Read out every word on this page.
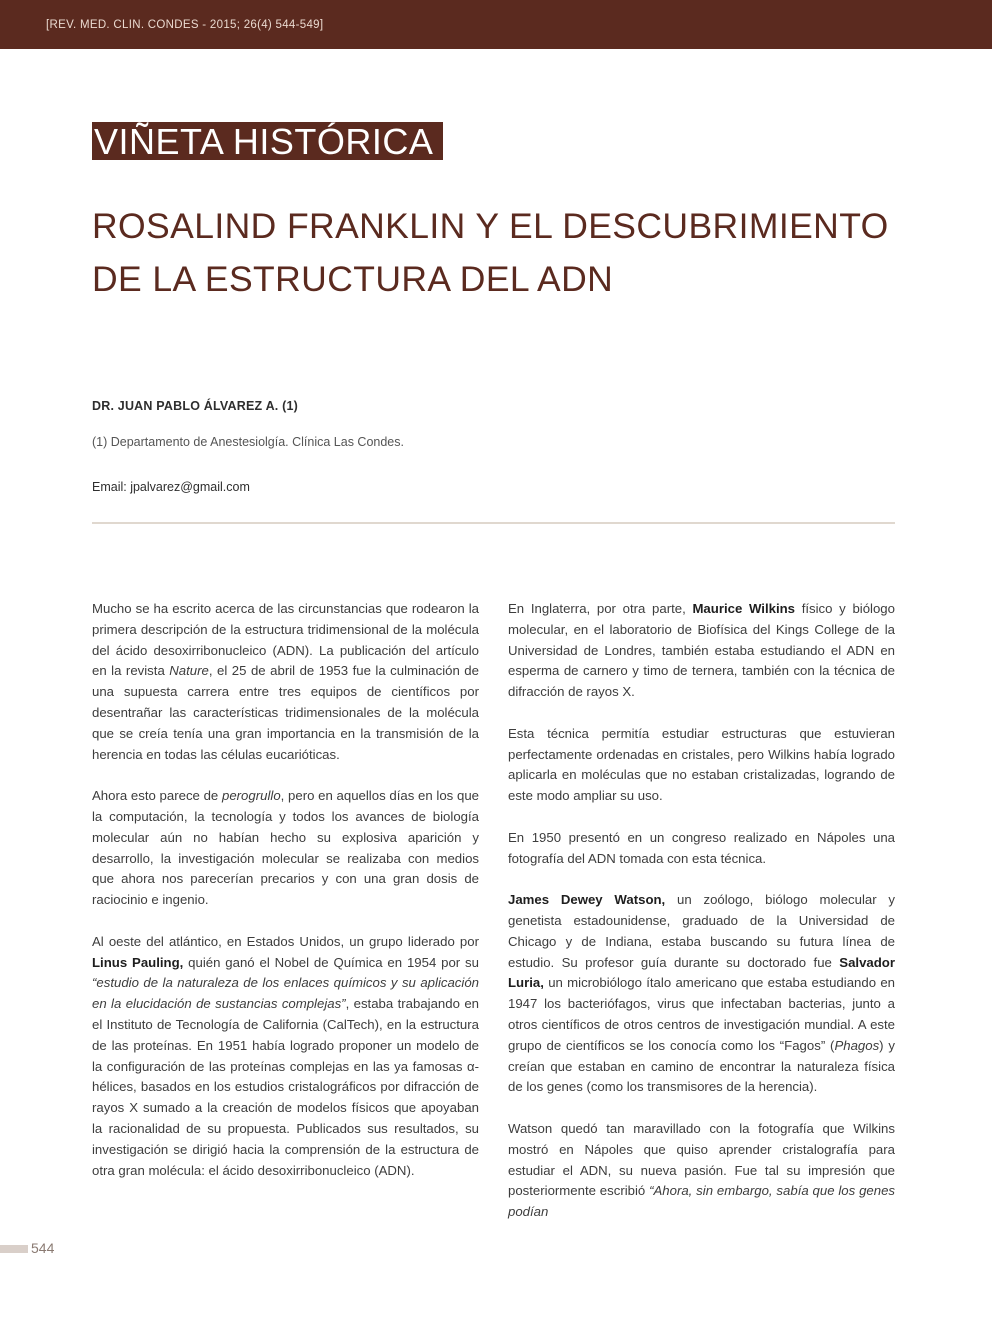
[REV. MED. CLIN. CONDES - 2015; 26(4) 544-549]
VIÑETA HISTÓRICA
ROSALIND FRANKLIN Y EL DESCUBRIMIENTO
DE LA ESTRUCTURA DEL ADN
DR. JUAN PABLO ÁLVAREZ A. (1)
(1) Departamento de Anestesiolgía. Clínica Las Condes.
Email: jpalvarez@gmail.com

Mucho se ha escrito acerca de las circunstancias que rodearon la primera descripción de la estructura tridimensional de la molécula del ácido desoxirribonucleico (ADN). La publicación del artículo en la revista Nature, el 25 de abril de 1953 fue la culminación de una supuesta carrera entre tres equipos de científicos por desentrañar las características tridimensionales de la molécula que se creía tenía una gran importancia en la transmisión de la herencia en todas las células eucarióticas.

Ahora esto parece de perogrullo, pero en aquellos días en los que la computación, la tecnología y todos los avances de biología molecular aún no habían hecho su explosiva aparición y desarrollo, la investigación molecular se realizaba con medios que ahora nos parecerían precarios y con una gran dosis de raciocinio e ingenio.

Al oeste del atlántico, en Estados Unidos, un grupo liderado por Linus Pauling, quién ganó el Nobel de Química en 1954 por su “estudio de la naturaleza de los enlaces químicos y su aplicación en la elucidación de sustancias complejas”, estaba trabajando en el Instituto de Tecnología de California (CalTech), en la estructura de las proteínas. En 1951 había logrado proponer un modelo de la configuración de las proteínas complejas en las ya famosas α-hélices, basados en los estudios cristalográficos por difracción de rayos X sumado a la creación de modelos físicos que apoyaban la racionalidad de su propuesta. Publicados sus resultados, su investigación se dirigió hacia la comprensión de la estructura de otra gran molécula: el ácido desoxirribonucleico (ADN).

En Inglaterra, por otra parte, Maurice Wilkins físico y biólogo molecular, en el laboratorio de Biofísica del Kings College de la Universidad de Londres, también estaba estudiando el ADN en esperma de carnero y timo de ternera, también con la técnica de difracción de rayos X.

Esta técnica permitía estudiar estructuras que estuvieran perfectamente ordenadas en cristales, pero Wilkins había logrado aplicarla en moléculas que no estaban cristalizadas, logrando de este modo ampliar su uso.

En 1950 presentó en un congreso realizado en Nápoles una fotografía del ADN tomada con esta técnica.

James Dewey Watson, un zoólogo, biólogo molecular y genetista estadounidense, graduado de la Universidad de Chicago y de Indiana, estaba buscando su futura línea de estudio. Su profesor guía durante su doctorado fue Salvador Luria, un microbiólogo ítalo americano que estaba estudiando en 1947 los bacteriófagos, virus que infectaban bacterias, junto a otros científicos de otros centros de investigación mundial. A este grupo de científicos se los conocía como los “Fagos” (Phagos) y creían que estaban en camino de encontrar la naturaleza física de los genes (como los transmisores de la herencia).

Watson quedó tan maravillado con la fotografía que Wilkins mostró en Nápoles que quiso aprender cristalografía para estudiar el ADN, su nueva pasión. Fue tal su impresión que posteriormente escribió “Ahora, sin embargo, sabía que los genes podían

544
